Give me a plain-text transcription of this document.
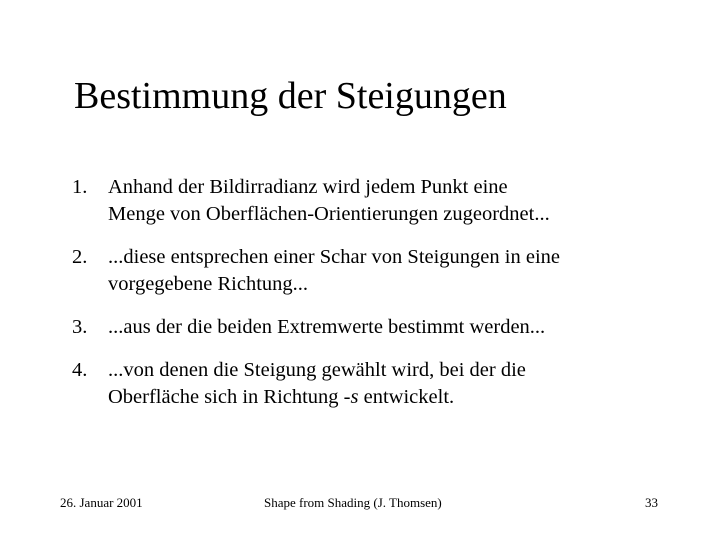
Bestimmung der Steigungen
1. Anhand der Bildirradianz wird jedem Punkt eine
Menge von Oberflächen-Orientierungen zugeordnet...
2. ...diese entsprechen einer Schar von Steigungen in eine
vorgegebene Richtung...
3. ...aus der die beiden Extremwerte bestimmt werden...
4. ...von denen die Steigung gewählt wird, bei der die
Oberfläche sich in Richtung -s entwickelt.
26. Januar 2001	Shape from Shading (J. Thomsen)	33
